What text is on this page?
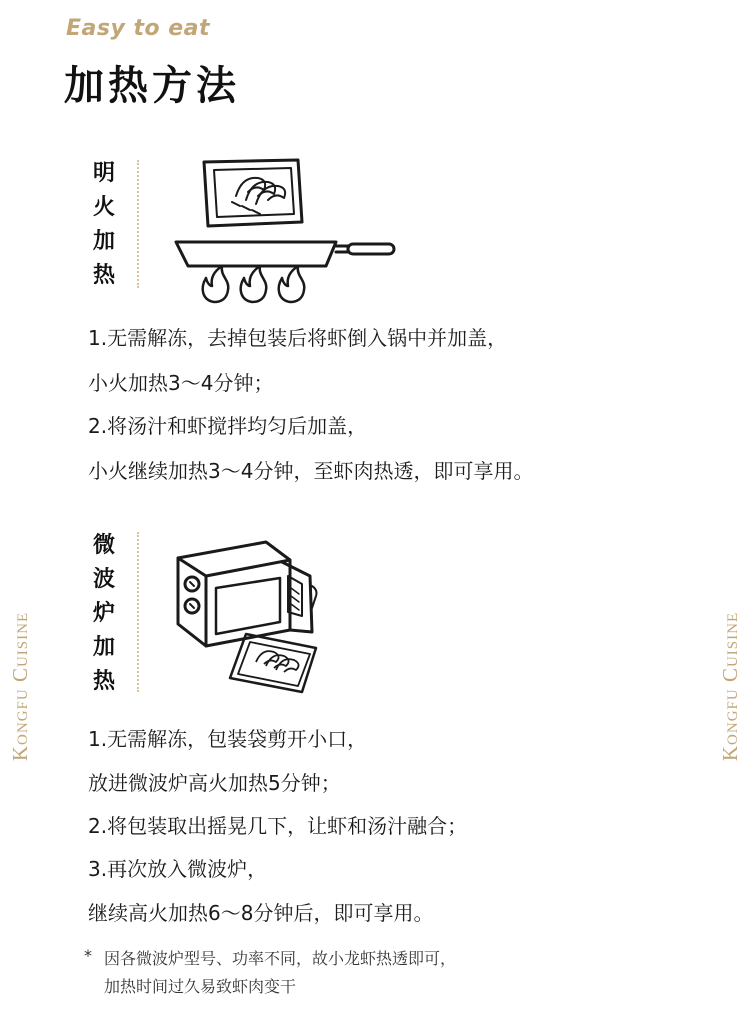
Easy to eat
加热方法
Kongfu Cuisine	Kongfu Cuisine
明
火
加
热
1.无需解冻，去掉包装后将虾倒入锅中并加盖，
小火加热3～4分钟；
2.将汤汁和虾搅拌均匀后加盖，
小火继续加热3～4分钟，至虾肉热透，即可享用。
微
波
炉
加
热
1.无需解冻，包装袋剪开小口，
放进微波炉高火加热5分钟；
2.将包装取出摇晃几下，让虾和汤汁融合；
3.再次放入微波炉，
继续高火加热6～8分钟后，即可享用。
* 因各微波炉型号、功率不同，故小龙虾热透即可，
加热时间过久易致虾肉变干
